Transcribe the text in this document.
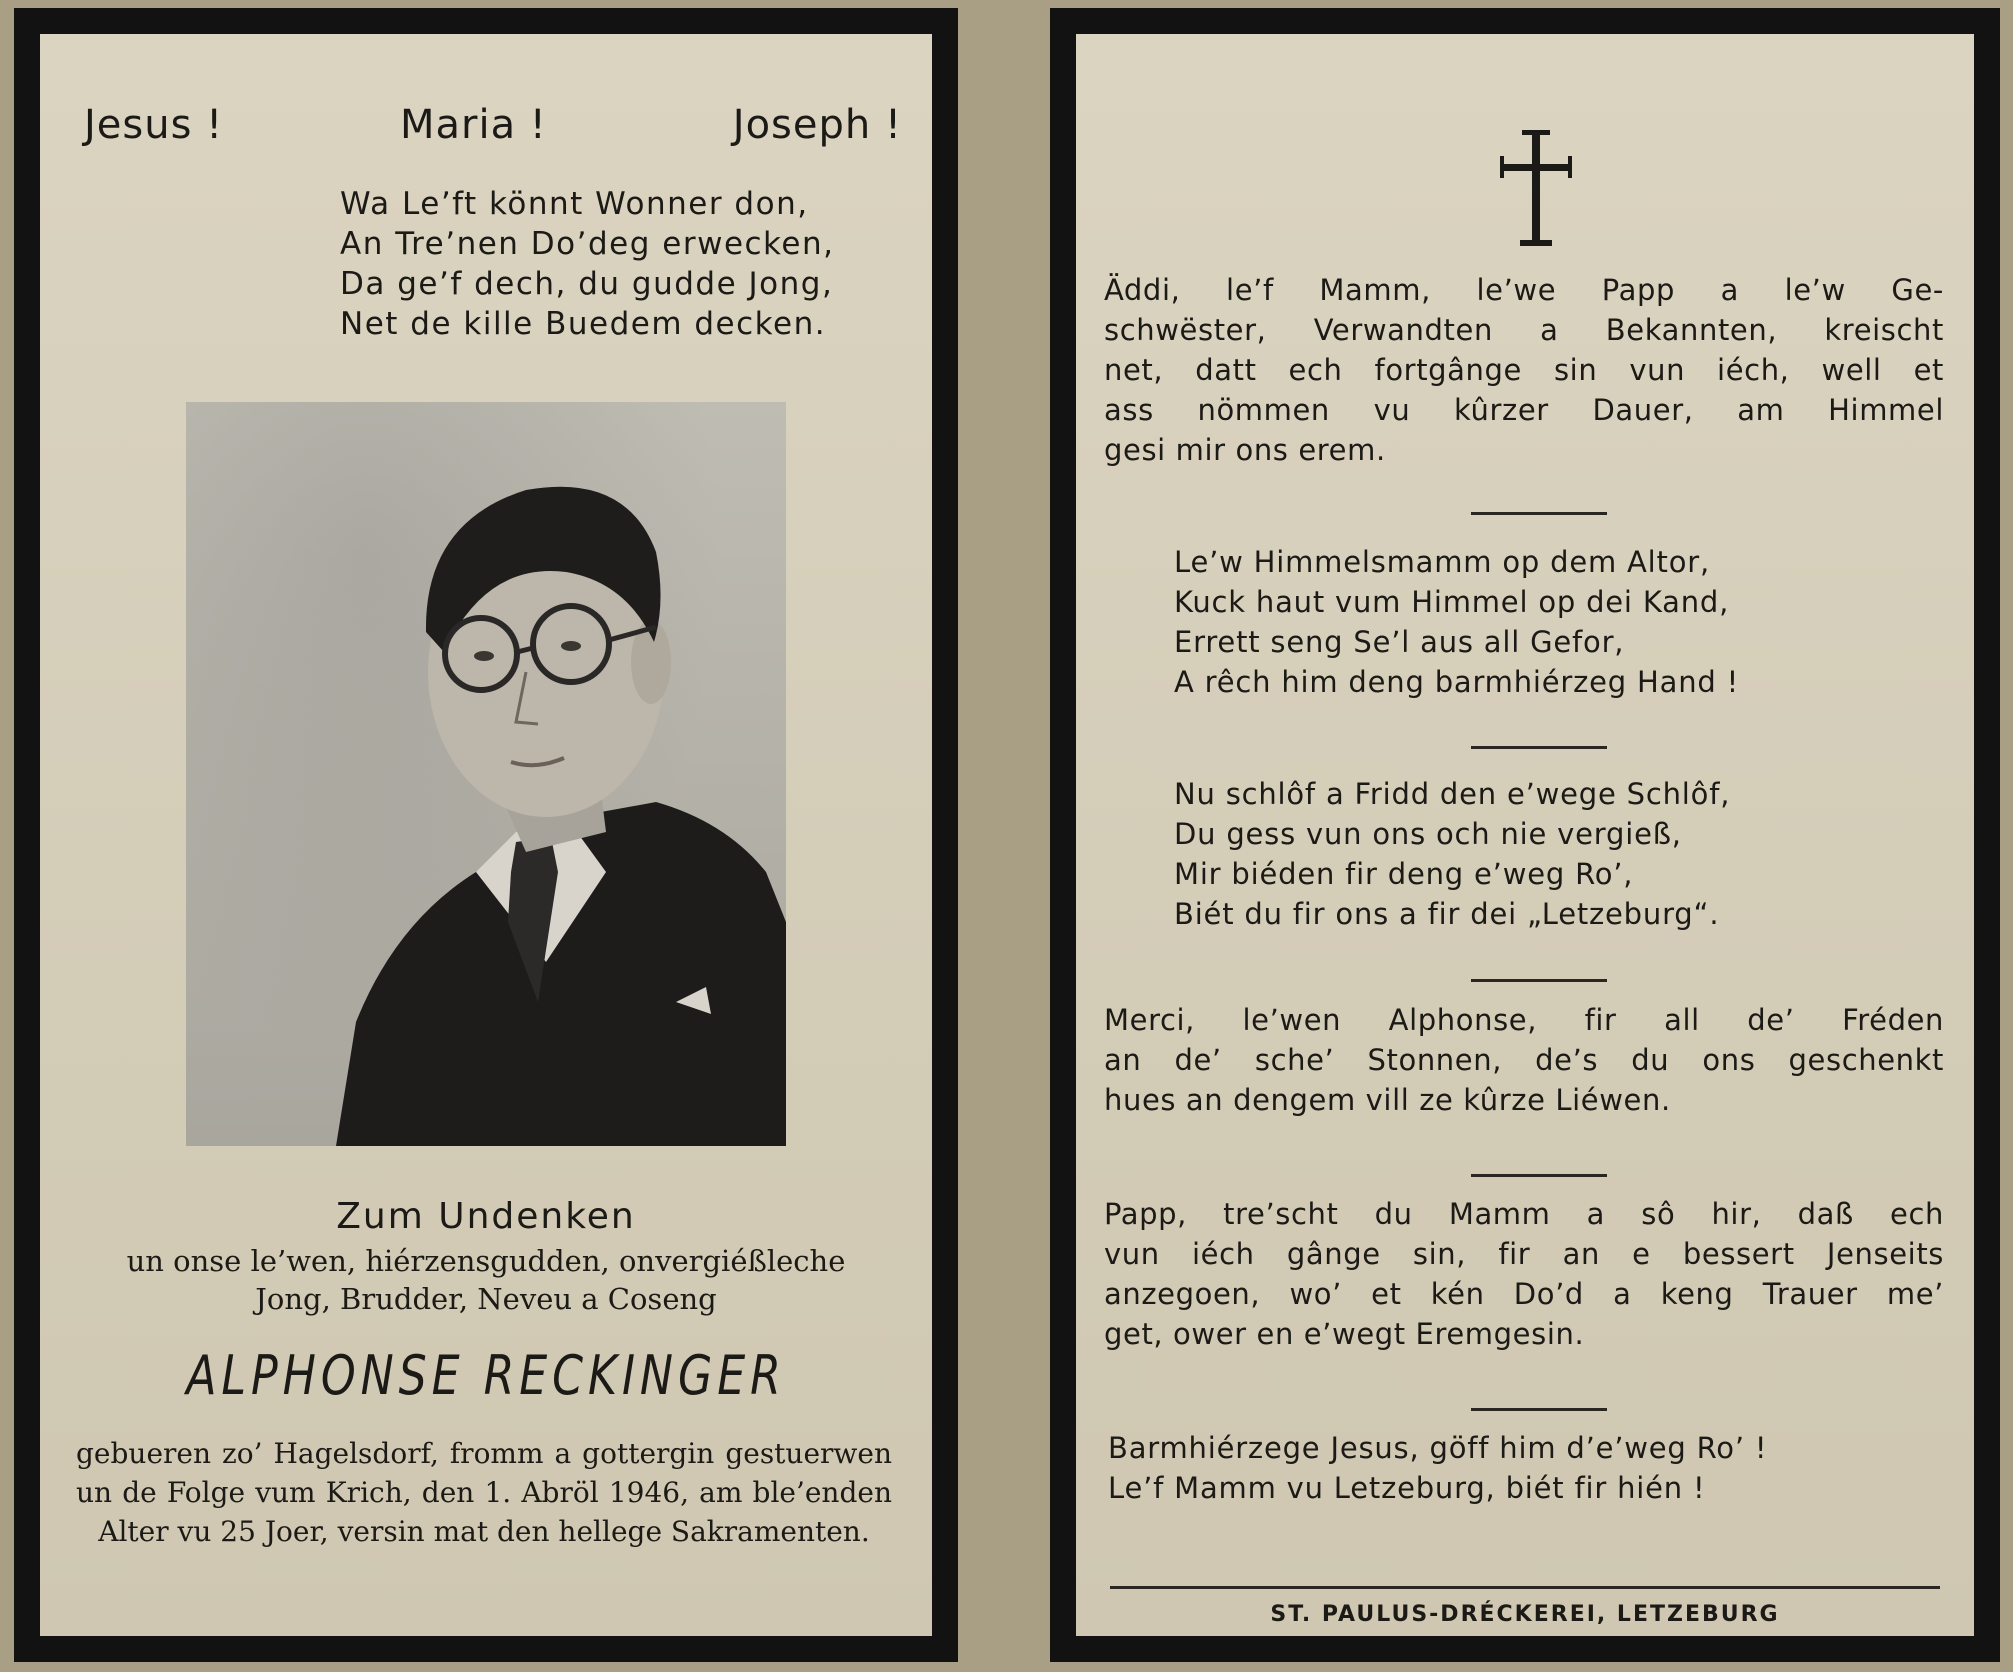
Jesus !	Maria !	Joseph !
Wa Le’ft könnt Wonner don,
An Tre’nen Do’deg erwecken,
Da ge’f dech, du gudde Jong,
Net de kille Buedem decken.
Zum Undenken
un onse le’wen, hiérzensgudden, onvergiéßleche
Jong, Brudder, Neveu a Coseng
ALPHONSE RECKINGER
gebueren zo’ Hagelsdorf, fromm a gottergin gestuerwen un de Folge vum Krich, den 1. Abröl 1946, am ble’enden Alter vu 25 Joer, versin mat den hellege Sakramenten.
Äddi, le’f Mamm, le’we Papp a le’w Ge-
schwëster, Verwandten a Bekannten, kreischt
net, datt ech fortgânge sin vun iéch, well et
ass nömmen vu kûrzer Dauer, am Himmel
gesi mir ons erem.
Le’w Himmelsmamm op dem Altor,
Kuck haut vum Himmel op dei Kand,
Errett seng Se’l aus all Gefor,
A rêch him deng barmhiérzeg Hand !
Nu schlôf a Fridd den e’wege Schlôf,
Du gess vun ons och nie vergieß,
Mir biéden fir deng e’weg Ro’,
Biét du fir ons a fir dei „Letzeburg“.
Merci, le’wen Alphonse, fir all de’ Fréden
an de’ sche’ Stonnen, de’s du ons geschenkt
hues an dengem vill ze kûrze Liéwen.
Papp, tre’scht du Mamm a sô hir, daß ech
vun iéch gânge sin, fir an e bessert Jenseits
anzegoen, wo’ et kén Do’d a keng Trauer me’
get, ower en e’wegt Eremgesin.
Barmhiérzege Jesus, göff him d’e’weg Ro’ !
Le’f Mamm vu Letzeburg, biét fir hién !
ST. PAULUS-DRÉCKEREI, LETZEBURG
